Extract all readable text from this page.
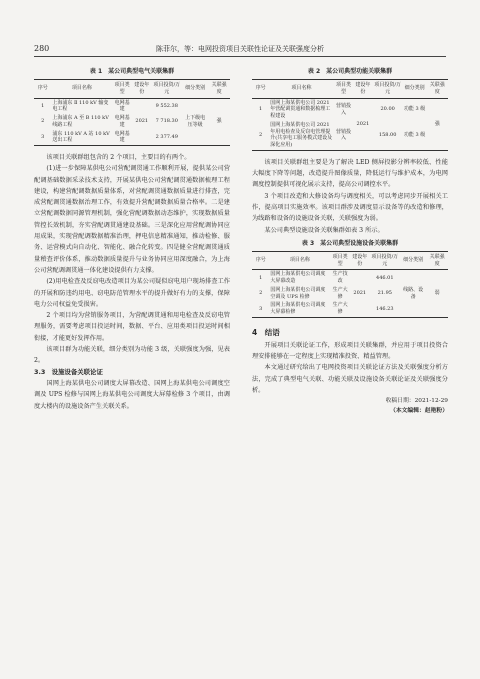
280	陈菲尔，等：电网投资项目关联性论证及关联强度分析
表 1　某公司典型电气关联集群
序号	项目名称	项目类型	建设年份	项目投资/万元	细分类别	关联强度
1	上海浦东 Ⅱ 110 kV 输变电工程	电网基建	2021	9 552.38	上下级电压等级	强
2	上海浦东 A 至 B 110 kV 线路工程	电网基建		7 718.30		
3	浦东 110 kV A 站 10 kV 送出工程	电网基建		2 377.49		

该项目关联群组包含的 2 个项目，主要目的有两个。

(1)进一步保障某供电公司营配调贯通工作顺利开展，提供某公司营配调基础数据采录技术支持，开展某供电公司营配调贯通数据梳理工程建设，构建营配调数据质量体系，对营配调贯通数据质量进行排查，完成营配调贯通数据治理工作，有效提升营配调数据质量合格率。二是建立营配调数据同源管理机制，强化营配调数据动态维护，实现数据质量管控长效机制，夯实营配调贯通建设基础。三是深化应用营配调协同应用成果，实现营配调数据精准治理，押电信息精准通知，推动检修、服务、运营模式向自动化、智能化、融合化转变。四是健全营配调贯通质量稽查评价体系，推动数据质量提升与业务协同应用深度融合，为上海公司营配调调贯通一体化建设提供有力支撑。

(2)用电检查及反窃电改造项目为某公司疑似窃电用户现场排查工作的开展和防违约用电、窃电防范管理水平的提升做好有力的支撑，保障电力公司权益免受损害。

2 个项目均为营销服务项目，为营配调贯通和用电检查及反窃电管理服务，需要考虑项目投运时间，数据、平台、应用类项目投运时间相衔接，才能更好发挥作用。

该项目群为功能关联，细分类别为功能 3 级，关联强度为强，见表 2。

3.3　设施设备关联论证

国网上海某供电公司调度大屏幕改造、国网上海某供电公司调度空调及 UPS 检修与国网上海某供电公司调度大屏幕检修 3 个项目，由调度大楼内的设施设备产生关联关系。

表 2　某公司典型功能关联集群
序号	项目名称	项目类型	建设年份	项目投资/万元	细分类别	关联强度
1	国网上海某供电公司 2021 年营配调贯通和数据梳理工程建设	营销投入	2021	20.00	功能 3 级	强
2	国网上海某供电公司 2021 年用电检查及反窃电管理提升(共享电工服务模式建设及深化应用)	营销投入		158.00	功能 3 级	

该项目关联群组主要是为了解决 LED 侧屏投影分辨率较低、性能大幅度下降等问题，改造提升图像质量，降低运行与维护成本，为电网调度控制提供可视化展示支持，提高公司调控水平。

3 个项目改造和大修设备均与调度相关，可以考虑同步开展相关工作，提高项目实施效率。该项目群涉及调度显示设备等的改造和修理，为线路和设备的设施设备关联，关联强度为弱。

某公司典型设施设备关联集群如表 3 所示。

表 3　某公司典型设施设备关联集群
序号	项目名称	项目类型	建设年份	项目投资/万元	细分类别	关联强度
1	国网上海某供电公司调度大屏幕改造	生产技改	2021	446.01	线路、设备	弱
2	国网上海某供电公司调度空调及 UPS 检修	生产大修		21.95		
3	国网上海某供电公司调度大屏幕检修	生产大修		146.23		
4　结语

开展项目关联论证工作，形成项目关联集群，并应用于项目投资合理安排能够在一定程度上实现精准投资、精益管理。

本文通过研究给出了电网投资项目关联论证方法及关联强度分析方法，完成了典型电气关联、功能关联及设施设备关联论证及关联强度分析。

收稿日期：2021-12-29
（本文编辑：赵艳粉）
